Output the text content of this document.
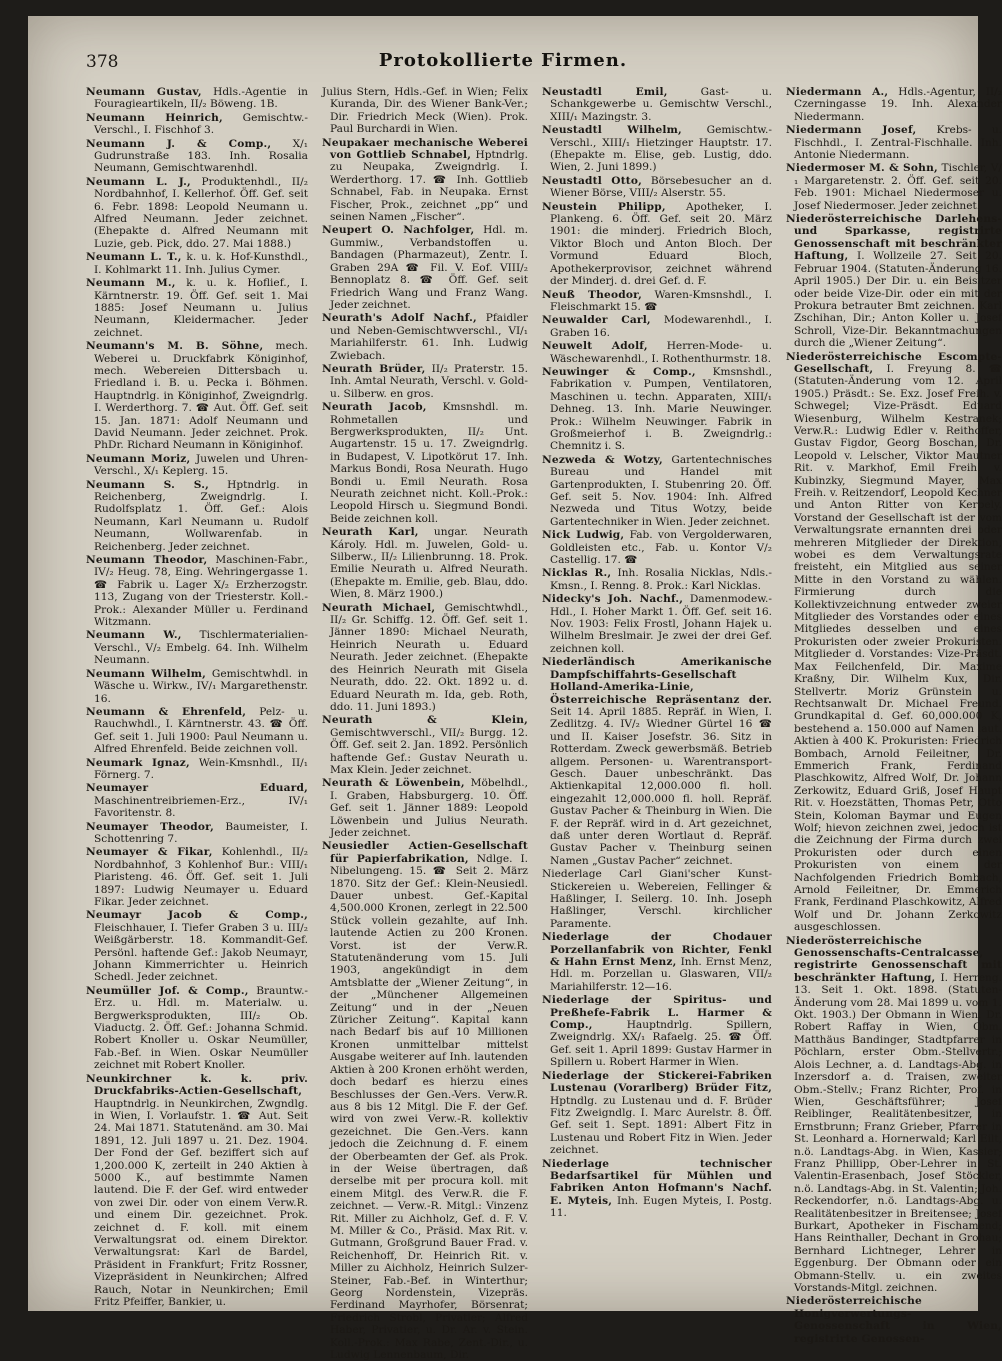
378	Protokollierte Firmen.

Neumann Gustav, Hdls.-Agentie in Fouragieartikeln, II/₂ Böweng. 1B.

Neumann Heinrich, Gemischtw.-Verschl., I. Fischhof 3.

Neumann J. & Comp., X/₁ Gudrunstraße 183. Inh. Rosalia Neumann, Gemischtwarenhdl.

Neumann L. J., Produktenhdl., II/₂ Nordbahnhof, I. Kellerhof. Öff. Gef. seit 6. Febr. 1898: Leopold Neumann u. Alfred Neumann. Jeder zeichnet. (Ehepakte d. Alfred Neumann mit Luzie, geb. Pick, ddo. 27. Mai 1888.)

Neumann L. T., k. u. k. Hof-Kunsthdl., I. Kohlmarkt 11. Inh. Julius Cymer.

Neumann M., k. u. k. Hoflief., I. Kärntnerstr. 19. Öff. Gef. seit 1. Mai 1885: Josef Neumann u. Julius Neumann, Kleidermacher. Jeder zeichnet.

Neumann's M. B. Söhne, mech. Weberei u. Druckfabrk Königinhof, mech. Webereien Dittersbach u. Friedland i. B. u. Pecka i. Böhmen. Hauptndrlg. in Königinhof, Zweigndrlg. I. Werderthorg. 7. ☎ Aut. Öff. Gef. seit 15. Jan. 1871: Adolf Neumann und David Neumann. Jeder zeichnet. Prok. PhDr. Richard Neumann in Königinhof.

Neumann Moriz, Juwelen und Uhren-Verschl., X/₁ Keplerg. 15.

Neumann S. S., Hptndrlg. in Reichenberg, Zweigndrlg. I. Rudolfsplatz 1. Öff. Gef.: Alois Neumann, Karl Neumann u. Rudolf Neumann, Wollwarenfab. in Reichenberg. Jeder zeichnet.

Neumann Theodor, Maschinen-Fabr., IV/₂ Heug. 78, Eing. Wehringergasse 1. ☎ Fabrik u. Lager X/₂ Erzherzogstr. 113, Zugang von der Triesterstr. Koll.-Prok.: Alexander Müller u. Ferdinand Witzmann.

Neumann W., Tischlermaterialien-Verschl., V/₂ Embelg. 64. Inh. Wilhelm Neumann.

Neumann Wilhelm, Gemischtwhdl. in Wäsche u. Wirkw., IV/₁ Margarethenstr. 16.

Neumann & Ehrenfeld, Pelz- u. Rauchwhdl., I. Kärntnerstr. 43. ☎ Öff. Gef. seit 1. Juli 1900: Paul Neumann u. Alfred Ehrenfeld. Beide zeichnen voll.

Neumark Ignaz, Wein-Kmsnhdl., II/₁ Förnerg. 7.

Neumayer Eduard, Maschinentreibriemen-Erz., IV/₁ Favoritenstr. 8.

Neumayer Theodor, Baumeister, I. Schottenring 7.

Neumayer & Fikar, Kohlenhdl., II/₂ Nordbahnhof, 3 Kohlenhof Bur.: VIII/₁ Piaristeng. 46. Öff. Gef. seit 1. Juli 1897: Ludwig Neumayer u. Eduard Fikar. Jeder zeichnet.

Neumayr Jacob & Comp., Fleischhauer, I. Tiefer Graben 3 u. III/₂ Weißgärberstr. 18. Kommandit-Gef. Persönl. haftende Gef.: Jakob Neumayr, Johann Kimmerrichter u. Heinrich Schedl. Jeder zeichnet.

Neumüller Jof. & Comp., Brauntw.-Erz. u. Hdl. m. Materialw. u. Bergwerksprodukten, III/₂ Ob. Viaductg. 2. Öff. Gef.: Johanna Schmid. Robert Knoller u. Oskar Neumüller, Fab.-Bef. in Wien. Oskar Neumüller zeichnet mit Robert Knoller.

Neunkirchner k. k. priv. Druckfabriks-Actien-Gesellschaft, Hauptndrlg. in Neunkirchen, Zwgndlg. in Wien, I. Vorlaufstr. 1. ☎ Aut. Seit 24. Mai 1871. Statutenänd. am 30. Mai 1891, 12. Juli 1897 u. 21. Dez. 1904. Der Fond der Gef. beziffert sich auf 1,200.000 K, zerteilt in 240 Aktien à 5000 K., auf bestimmte Namen lautend. Die F. der Gef. wird entweder von zwei Dir. oder von einem Verw.R. und einem Dir. gezeichnet. Prok. zeichnet d. F. koll. mit einem Verwaltungsrat od. einem Direktor. Verwaltungsrat: Karl de Bardel, Präsident in Frankfurt; Fritz Rossner, Vizepräsident in Neunkirchen; Alfred Rauch, Notar in Neunkirchen; Emil Fritz Pfeiffer, Bankier, u.

Julius Stern, Hdls.-Gef. in Wien; Felix Kuranda, Dir. des Wiener Bank-Ver.; Dir. Friedrich Meck (Wien). Prok. Paul Burchardi in Wien.

Neupakaer mechanische Weberei von Gottlieb Schnabel, Hptndrlg. zu Neupaka, Zweigndrlg. I. Werderthorg. 17. ☎ Inh. Gottlieb Schnabel, Fab. in Neupaka. Ernst Fischer, Prok., zeichnet „pp“ und seinen Namen „Fischer“.

Neupert O. Nachfolger, Hdl. m. Gummiw., Verbandstoffen u. Bandagen (Pharmazeut), Zentr. I. Graben 29A ☎ Fil. V. Eof. VIII/₂ Bennoplatz 8. ☎ Öff. Gef. seit Friedrich Wang und Franz Wang. Jeder zeichnet.

Neurath's Adolf Nachf., Pfaidler und Neben-Gemischtwverschl., VI/₁ Mariahilferstr. 61. Inh. Ludwig Zwiebach.

Neurath Brüder, II/₂ Praterstr. 15. Inh. Amtal Neurath, Verschl. v. Gold- u. Silberw. en gros.

Neurath Jacob, Kmsnshdl. m. Rohmetallen und Bergwerksprodukten, II/₂ Unt. Augartenstr. 15 u. 17. Zweigndrlg. in Budapest, V. Lipotkörut 17. Inh. Markus Bondi, Rosa Neurath. Hugo Bondi u. Emil Neurath. Rosa Neurath zeichnet nicht. Koll.-Prok.: Leopold Hirsch u. Siegmund Bondi. Beide zeichnen koll.

Neurath Karl, ungar. Neurath Károly. Hdl. m. Juwelen, Gold- u. Silberw., II/₂ Lilienbrunng. 18. Prok. Emilie Neurath u. Alfred Neurath. (Ehepakte m. Emilie, geb. Blau, ddo. Wien, 8. März 1900.)

Neurath Michael, Gemischtwhdl., II/₂ Gr. Schiffg. 12. Öff. Gef. seit 1. Jänner 1890: Michael Neurath, Heinrich Neurath u. Eduard Neurath. Jeder zeichnet. (Ehepakte des Heinrich Neurath mit Gisela Neurath, ddo. 22. Okt. 1892 u. d. Eduard Neurath m. Ida, geb. Roth, ddo. 11. Juni 1893.)

Neurath & Klein, Gemischtwverschl., VII/₂ Burgg. 12. Öff. Gef. seit 2. Jan. 1892. Persönlich haftende Gef.: Gustav Neurath u. Max Klein. Jeder zeichnet.

Neurath & Löwenbein, Möbelhdl., I. Graben, Habsburgerg. 10. Öff. Gef. seit 1. Jänner 1889: Leopold Löwenbein und Julius Neurath. Jeder zeichnet.

Neusiedler Actien-Gesellschaft für Papierfabrikation, Ndlge. I. Nibelungeng. 15. ☎ Seit 2. März 1870. Sitz der Gef.: Klein-Neusiedl. Dauer unbest. Gef.-Kapital 4,500.000 Kronen, zerlegt in 22.500 Stück vollein gezahlte, auf Inh. lautende Actien zu 200 Kronen. Vorst. ist der Verw.R. Statutenänderung vom 15. Juli 1903, angekündigt in dem Amtsblatte der „Wiener Zeitung“, in der „Münchener Allgemeinen Zeitung“ und in der „Neuen Züricher Zeitung“. Kapital kann nach Bedarf bis auf 10 Millionen Kronen unmittelbar mittelst Ausgabe weiterer auf Inh. lautenden Aktien à 200 Kronen erhöht werden, doch bedarf es hierzu eines Beschlusses der Gen.-Vers. Verw.R. aus 8 bis 12 Mitgl. Die F. der Gef. wird von zwei Verw.-R. kollektiv gezeichnet. Die Gen.-Vers. kann jedoch die Zeichnung d. F. einem der Oberbeamten der Gef. als Prok. in der Weise übertragen, daß derselbe mit per procura koll. mit einem Mitgl. des Verw.R. die F. zeichnet. — Verw.-R. Mitgl.: Vinzenz Rit. Miller zu Aichholz, Gef. d. F. V. M. Miller & Co., Präsid. Max Rit. v. Gutmann, Großgrund Bauer Frad. v. Reichenhoff, Dr. Heinrich Rit. v. Miller zu Aichholz, Heinrich Sulzer-Steiner, Fab.-Bef. in Winterthur; Georg Nordenstein, Vizepräs. Ferdinand Mayrhofer, Börsenrat; Friedrich Strobl, Privatier; Alfred Haber, Privatier, u. Dr. Ar. v. Stein. Koll.-Prok.: Max Rabe, Zent.-Dir., u. Ludwig Lennenbaum, Dir.

Neustadtl Emil,	Gast- u. Schankgewerbe u. Gemischtw Verschl., XIII/₁ Mazingstr. 3.

Neustadtl Wilhelm, Gemischtw.-Verschl., XIII/₁ Hietzinger Hauptstr. 17. (Ehepakte m. Elise, geb. Lustig, ddo. Wien, 2. Juni 1899.)

Neustadtl Otto, Börsebesucher an d. Wiener Börse, VIII/₂ Alserstr. 55.

Neustein Philipp, Apotheker, I. Plankeng. 6. Öff. Gef. seit 20. März 1901: die minderj. Friedrich Bloch, Viktor Bloch und Anton Bloch. Der Vormund Eduard Bloch, Apothekerprovisor, zeichnet während der Minderj. d. drei Gef. d. F.

Neuß Theodor, Waren-Kmsnshdl., I. Fleischmarkt 15. ☎

Neuwalder Carl, Modewarenhdl., I. Graben 16.

Neuwelt Adolf, Herren-Mode- u. Wäschewarenhdl., I. Rothenthurmstr. 18.

Neuwinger & Comp., Kmsnshdl., Fabrikation v. Pumpen, Ventilatoren, Maschinen u. techn. Apparaten, XIII/₁ Dehneg. 13. Inh. Marie Neuwinger. Prok.: Wilhelm Neuwinger. Fabrik in Großmeierhof i. B. Zweigndrlg.: Chemnitz i. S.

Nezweda & Wotzy, Gartentechnisches Bureau und Handel mit Gartenprodukten, I. Stubenring 20. Öff. Gef. seit 5. Nov. 1904: Inh. Alfred Nezweda und Titus Wotzy, beide Gartentechniker in Wien. Jeder zeichnet.

Nick Ludwig, Fab. von Vergolderwaren, Goldleisten etc., Fab. u. Kontor V/₂ Castellig. 17. ☎

Nicklas R., Inh. Rosalia Nicklas, Ndls.-Kmsn., I. Renng. 8. Prok.: Karl Nicklas.

Nidecky's Joh. Nachf., Damenmodew.-Hdl., I. Hoher Markt 1. Öff. Gef. seit 16. Nov. 1903: Felix Frostl, Johann Hajek u. Wilhelm Breslmair. Je zwei der drei Gef. zeichnen koll.

Niederländisch Amerikanische Dampfschiffahrts-Gesellschaft Holland-Amerika-Linie, Österreichische Repräsentanz der. Seit 14. April 1885. Repräf. in Wien, I. Zedlitzg. 4. IV/₂ Wiedner Gürtel 16 ☎ und II. Kaiser Josefstr. 36. Sitz in Rotterdam. Zweck gewerbsmäß. Betrieb allgem. Personen- u. Warentransport-Gesch. Dauer unbeschränkt. Das Aktienkapital 12,000.000 fl. holl. eingezahlt 12,000.000 fl. holl. Repräf. Gustav Pacher & Theinburg in Wien. Die F. der Repräf. wird in d. Art gezeichnet, daß unter deren Wortlaut d. Repräf. Gustav Pacher v. Theinburg seinen Namen „Gustav Pacher“ zeichnet.

Niederlage Carl Giani'scher Kunst-Stickereien u. Webereien, Fellinger & Haßlinger, I. Seilerg. 10. Inh. Joseph Haßlinger, Verschl. kirchlicher Paramente.

Niederlage der Chodauer Porzellanfabrik von Richter, Fenkl & Hahn Ernst Menz, Inh. Ernst Menz, Hdl. m. Porzellan u. Glaswaren, VII/₂ Mariahilferstr. 12—16.

Niederlage der Spiritus- und Preßhefe-Fabrik L. Harmer & Comp.,	Hauptndrlg. Spillern, Zweigndrlg. XX/₁ Rafaelg. 25. ☎ Öff. Gef. seit 1. April 1899: Gustav Harmer in Spillern u. Robert Harmer in Wien.

Niederlage der Stickerei-Fabriken Lustenau (Vorarlberg) Brüder Fitz, Hptndlg. zu Lustenau und d. F. Brüder Fitz Zweigndlg. I. Marc Aurelstr. 8. Öff. Gef. seit 1. Sept. 1891: Albert Fitz in Lustenau und Robert Fitz in Wien. Jeder zeichnet.

Niederlage technischer Bedarfsartikel für Mühlen und Fabriken Anton Hofmann's Nachf. E. Myteis, Inh. Eugen Myteis, I. Postg. 11.

Niedermann A., Hdls.-Agentur, II/₂ Czerningasse 19. Inh. Alexander Niedermann.

Niedermann Josef, Krebs- u. Fischhdl., I. Zentral-Fischhalle. Inh. Antonie Niedermann.

Niedermoser M. & Sohn, Tischler, V/₁ Margaretenstr. 2. Öff. Gef. seit 20. Feb. 1901: Michael Niedermoser u. Josef Niedermoser. Jeder zeichnet.

Niederösterreichische Darlehens- und Sparkasse, registrirte Genossenschaft mit beschränkter Haftung, I. Wollzeile 27. Seit 20. Februar 1904. (Statuten-Änderung 16. April 1905.) Der Dir. u. ein Beisitzer oder beide Vize-Dir. oder ein mit der Prokura betrauter Bmt zeichnen. Karl Zschihan, Dir.; Anton Koller u. Josef Schroll, Vize-Dir. Bekanntmachungen durch die „Wiener Zeitung“.

Niederösterreichische Escompte-Gesellschaft, I. Freyung 8. ☎ (Statuten-Änderung vom 12. April 1905.) Präsdt.: Se. Exz. Josef Freih. v. Schwegel; Vize-Präsdt. Eduard Wiesenburg, Wilhelm Kestranek; Verw.R.: Ludwig Edler v. Reithoffer, Gustav Figdor, Georg Boschan, Dr. Leopold v. Lelscher, Viktor Mautner Rit. v. Markhof, Emil Freih. v. Kubinzky, Siegmund Mayer, Max Freih. v. Reitzendorf, Leopold Kechner und Anton Ritter von Kerpely. Vorstand der Gesellschaft ist der vom Verwaltungsrate ernannten drei oder mehreren Mitglieder der Direktion, wobei es dem Verwaltungsrate freisteht, ein Mitglied aus seiner Mitte in den Vorstand zu wählen. Firmierung durch die Kollektivzeichnung entweder zweier Mitglieder des Vorstandes oder eines Mitgliedes desselben und eines Prokuristen oder zweier Prokuristen. Mitglieder d. Vorstandes: Vize-Präsdt. Max Feilchenfeld, Dir. Maxime Kraßny, Dir. Wilhelm Kux, Dir. Stellvertr. Moriz Grünstein u. Rechtsanwalt Dr. Michael Freund. Grundkapital d. Gef. 60,000.000 K, bestehend a. 150.000 auf Namen laut. Aktien à 400 K. Prokuristen: Friedrich Bombach, Arnold Feileitner, Dr. Emmerich Frank, Ferdinand Plaschkowitz, Alfred Wolf, Dr. Johann Zerkowitz, Eduard Griß, Josef Haupt Rit. v. Hoezstätten, Thomas Petr, Otto Stein, Koloman Baymar und Eugen Wolf; hievon zeichnen zwei, jedoch ist die Zeichnung der Firma durch zwei Prokuristen oder durch einen Prokuristen von einem der Nachfolgenden Friedrich Bombach, Arnold Feileitner, Dr. Emmerich Frank, Ferdinand Plaschkowitz, Alfred Wolf und Dr. Johann Zerkowitz ausgeschlossen.

Niederösterreichische Genossenschafts-Centralcasse, registrirte Genossenschaft mit beschränkter Haftung, I. Herreng. 13. Seit 1. Okt. 1898. (Statuten-Änderung vom 28. Mai 1899 u. vom 1. Okt. 1903.) Der Obmann in Wien. Dr. Robert Raffay in Wien, Obm. Matthäus Bandinger, Stadtpfarrer in Pöchlarn, erster Obm.-Stellvertr.; Alois Lechner, a. d. Landtags-Abg. in Inzersdorf a. d. Traisen, zweiter Obm.-Stellv.; Franz Richter, Prof. in Wien, Geschäftsführer; Josef Reiblinger, Realitätenbesitzer, in Ernstbrunn; Franz Grieber, Pfarrer in St. Leonhard a. Hornerwald; Karl Eilt, n.ö. Landtags-Abg. in Wien, Kassier; Franz Phillipp, Ober-Lehrer in St. Valentin-Erasenbach, Josef Stöckler, n.ö. Landtags-Abg. in St. Valentin; Joh. Reckendorfer, n.ö. Landtags-Abg. u. Realitätenbesitzer in Breitensee; Josef Burkart, Apotheker in Fischamend; Hans Reinthaller, Dechant in Grohau; Bernhard Lichtneger, Lehrer in Eggenburg. Der Obmann oder ein Obmann-Stellv. u. ein zweites Vorstands-Mitgl. zeichnen.

Niederösterreichische Honigverwertungs-Genossenschaft in Wien, registrirte Genossen-
